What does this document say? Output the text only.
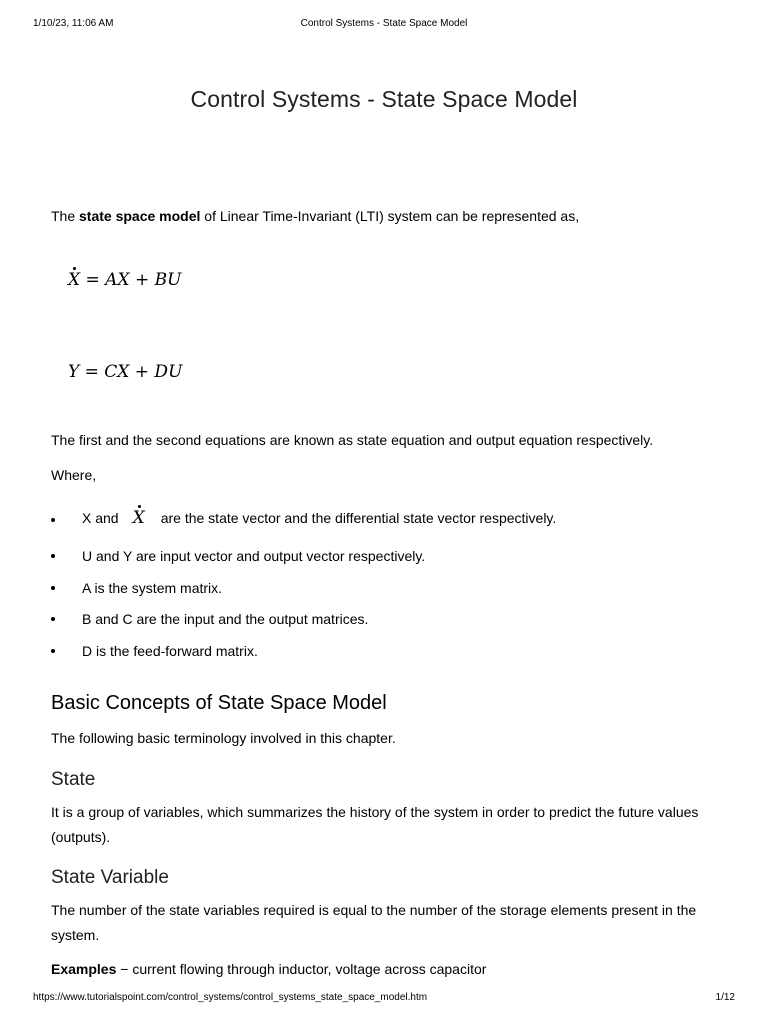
1/10/23, 11:06 AM	Control Systems - State Space Model
Control Systems - State Space Model

The state space model of Linear Time-Invariant (LTI) system can be represented as,

X = AX + BU
Y = CX + DU

The first and the second equations are known as state equation and output equation respectively.

Where,

X and X are the state vector and the differential state vector respectively.
U and Y are input vector and output vector respectively.
A is the system matrix.
B and C are the input and the output matrices.
D is the feed-forward matrix.
Basic Concepts of State Space Model

The following basic terminology involved in this chapter.

State

It is a group of variables, which summarizes the history of the system in order to predict the future values (outputs).

State Variable

The number of the state variables required is equal to the number of the storage elements present in the system.

Examples − current flowing through inductor, voltage across capacitor

https://www.tutorialspoint.com/control_systems/control_systems_state_space_model.htm	1/12
